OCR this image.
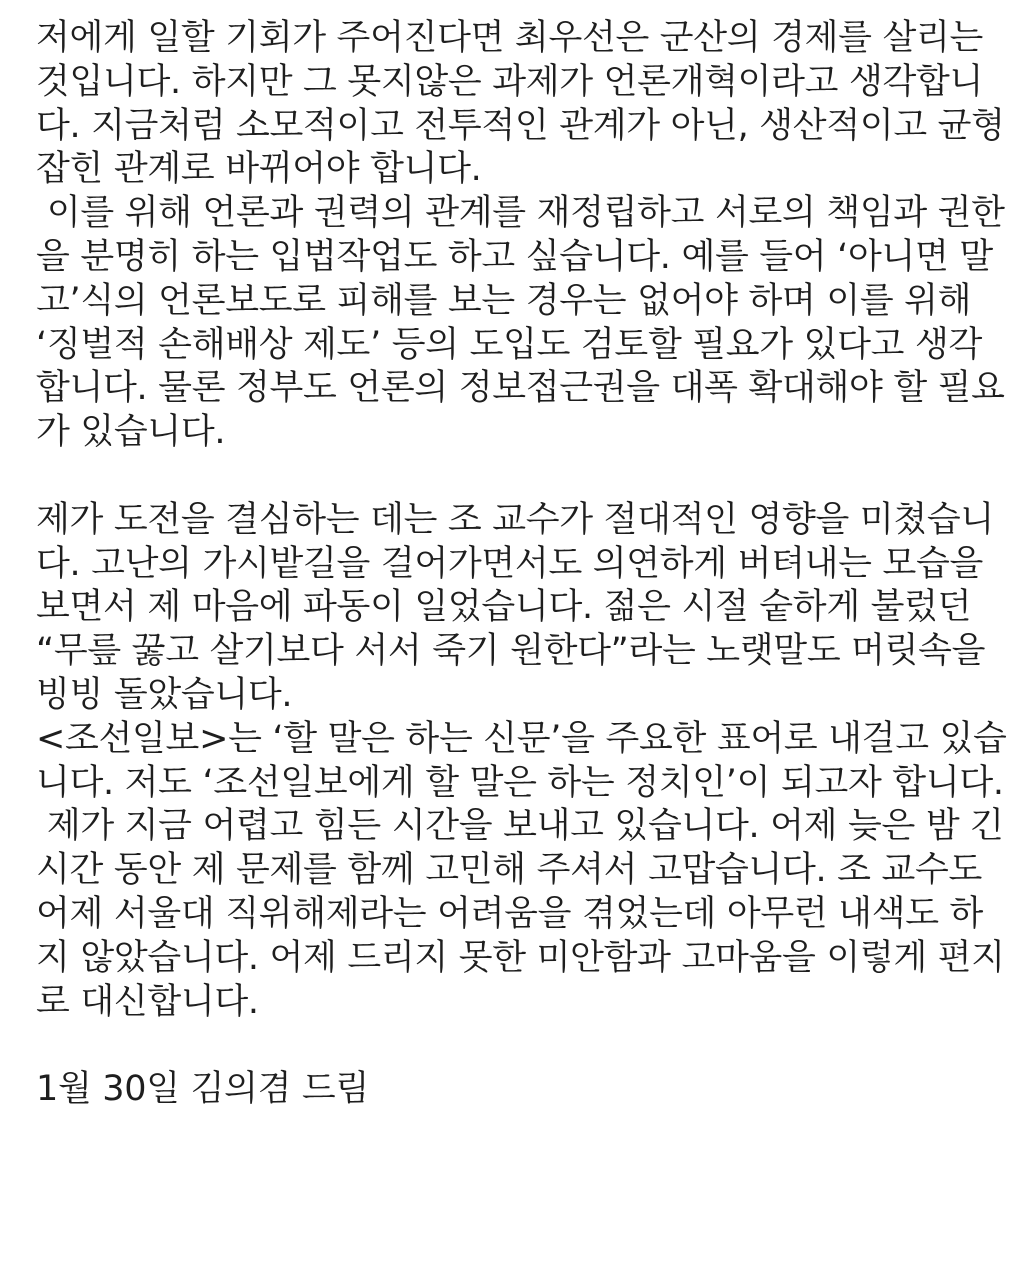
저에게 일할 기회가 주어진다면 최우선은 군산의 경제를 살리는
것입니다. 하지만 그 못지않은 과제가 언론개혁이라고 생각합니
다. 지금처럼 소모적이고 전투적인 관계가 아닌, 생산적이고 균형
잡힌 관계로 바뀌어야 합니다.
이를 위해 언론과 권력의 관계를 재정립하고 서로의 책임과 권한
을 분명히 하는 입법작업도 하고 싶습니다. 예를 들어 ‘아니면 말
고’식의 언론보도로 피해를 보는 경우는 없어야 하며 이를 위해
‘징벌적 손해배상 제도’ 등의 도입도 검토할 필요가 있다고 생각
합니다. 물론 정부도 언론의 정보접근권을 대폭 확대해야 할 필요
가 있습니다.
제가 도전을 결심하는 데는 조 교수가 절대적인 영향을 미쳤습니
다. 고난의 가시밭길을 걸어가면서도 의연하게 버텨내는 모습을
보면서 제 마음에 파동이 일었습니다. 젊은 시절 숱하게 불렀던
“무릎 꿇고 살기보다 서서 죽기 원한다”라는 노랫말도 머릿속을
빙빙 돌았습니다.
<조선일보>는 ‘할 말은 하는 신문’을 주요한 표어로 내걸고 있습
니다. 저도 ‘조선일보에게 할 말은 하는 정치인’이 되고자 합니다.
제가 지금 어렵고 힘든 시간을 보내고 있습니다. 어제 늦은 밤 긴
시간 동안 제 문제를 함께 고민해 주셔서 고맙습니다. 조 교수도
어제 서울대 직위해제라는 어려움을 겪었는데 아무런 내색도 하
지 않았습니다. 어제 드리지 못한 미안함과 고마움을 이렇게 편지
로 대신합니다.
1월 30일 김의겸 드림
